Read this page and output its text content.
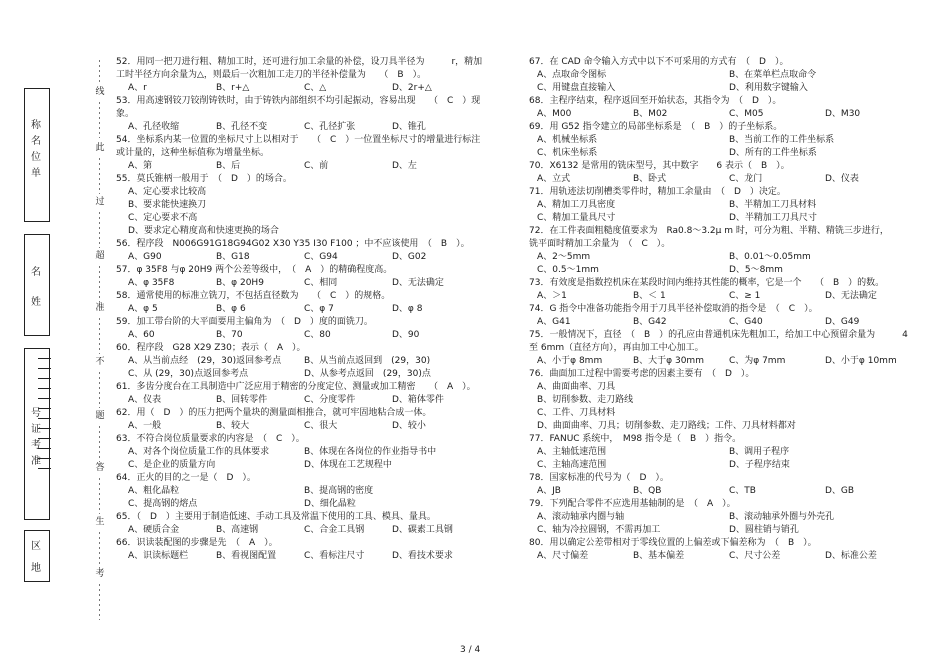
称名位单
名姓
号证考准
区地
线
此
过
超
准
不
题
答
生
考
52．用同一把刀进行粗、精加工时，还可进行加工余量的补偿，设刀具半径为　　　r，精加
工时半径方向余量为△，则最后一次粗加工走刀的半径补偿量为　　（　B　）。
A、r	B、r+△	C、△	D、2r+△
53．用高速钢铰刀铰削铸铁时，由于铸铁内部组织不均引起振动，容易出现　　（　C　）现
象。
A、孔径收缩	B、孔径不变	C、孔径扩张	D、锥孔
54．坐标系内某一位置的坐标尺寸上以相对于　　（　C　）一位置坐标尺寸的增量进行标注
或计量的，这种坐标值称为增量坐标。
A、第	B、后	C、前	D、左
55．莫氏锥柄一般用于　（　D　）的场合。
A、定心要求比较高
B、要求能快速换刀
C、定心要求不高
D、要求定心精度高和快速更换的场合
56．程序段　N006G91G18G94G02 X30 Y35 I30 F100 ；中不应该使用　（　B　）。
A、G90	B、G18	C、G94	D、G02
57．φ 35F8 与φ 20H9 两个公差等级中，　（　A　）的精确程度高。
A、φ 35F8	B、φ 20H9	C、相同	D、无法确定
58．通常使用的标准立铣刀，不包括直径数为　　（　C　）的规格。
A、φ 5	B、φ 6	C、φ 7	D、φ 8
59．加工带台阶的大平面要用主偏角为　（　D　）度的面铣刀。
A、60	B、70	C、80	D、90
60．程序段　G28 X29 Z30；表示（　A　）。
A、从当前点经　(29，30)返回参考点	B、从当前点返回到　(29，30)
C、从 (29，30)点返回参考点	D、从参考点返回　(29，30)点
61．多齿分度台在工具制造中广泛应用于精密的分度定位、测量或加工精密　　（　A　）。
A、仪表	B、回转零件	C、分度零件	D、箱体零件
62．用（　D　）的压力把两个量块的测量面相推合，就可牢固地粘合成一体。
A、一般	B、较大	C、很大	D、较小
63．不符合岗位质量要求的内容是　（　C　）。
A、对各个岗位质量工作的具体要求	B、体现在各岗位的作业指导书中
C、是企业的质量方向	D、体现在工艺规程中
64．正火的目的之一是（　D　）。
A、粗化晶粒	B、提高钢的密度
C、提高钢的熔点	D、细化晶粒
65．（　D　）主要用于制造低速、手动工具及常温下使用的工具、模具、量具。
A、硬质合金	B、高速钢	C、合金工具钢	D、碳素工具钢
66．识读装配图的步骤是先　（　A　）。
A、识读标题栏	B、看视图配置	C、看标注尺寸	D、看技术要求
67．在 CAD 命令输入方式中以下不可采用的方式有　（　D　）。
A、点取命令图标	B、在菜单栏点取命令
C、用键盘直接输入	D、利用数字键输入
68．主程序结束，程序返回至开始状态，其指令为　（　D　）。
A、M00	B、M02	C、M05	D、M30
69．用 G52 指令建立的局部坐标系是　（　B　）的子坐标系。
A、机械坐标系	B、当前工作的工件坐标系
C、机床坐标系	D、所有的工件坐标系
70．X6132 是常用的铣床型号，其中数字　　6 表示（　B　）。
A、立式	B、卧式	C、龙门	D、仪表
71．用轨迹法切削槽类零件时，精加工余量由　（　D　）决定。
A、精加工刀具密度	B、半精加工刀具材料
C、精加工量具尺寸	D、半精加工刀具尺寸
72．在工件表面粗糙度值要求为　Ra0.8～3.2μ m 时，可分为粗、半精、精铣三步进行，
铣平面时精加工余量为　（　C　）。
A、2～5mm	B、0.01～0.05mm
C、0.5～1mm	D、5～8mm
73．有效度是指数控机床在某段时间内维持其性能的概率，它是一个　　（　B　）的数。
A、＞1	B、＜ 1	C、≥ 1	D、无法确定
74．G 指令中准备功能指令用于刀具半径补偿取消的指令是　（　C　）。
A、G41	B、G42	C、G40	D、G49
75．一般情况下，直径　（　B　）的孔应由普通机床先粗加工，给加工中心预留余量为　　　4
至 6mm（直径方向），再由加工中心加工。
A、小于φ 8mm	B、大于φ 30mm	C、为φ 7mm	D、小于φ 10mm
76．曲面加工过程中需要考虑的因素主要有　（　D　）。
A、曲面曲率、刀具
B、切削参数、走刀路线
C、工件、刀具材料
D、曲面曲率、刀具；切削参数、走刀路线；工件、刀具材料都对
77．FANUC 系统中，　M98 指令是（　B　）指令。
A、主轴低速范围	B、调用子程序
C、主轴高速范围	D、子程序结束
78．国家标准的代号为（　D　）。
A、JB	B、QB	C、TB	D、GB
79．下列配合零件不应选用基轴制的是　（　A　）。
A、滚动轴承内圈与轴	B、滚动轴承外圈与外壳孔
C、轴为冷拉圆钢，不需再加工	D、圆柱销与销孔
80．用以确定公差带相对于零线位置的上偏差或下偏差称为　（　B　）。
A、尺寸偏差	B、基本偏差	C、尺寸公差	D、标准公差
3 / 4
